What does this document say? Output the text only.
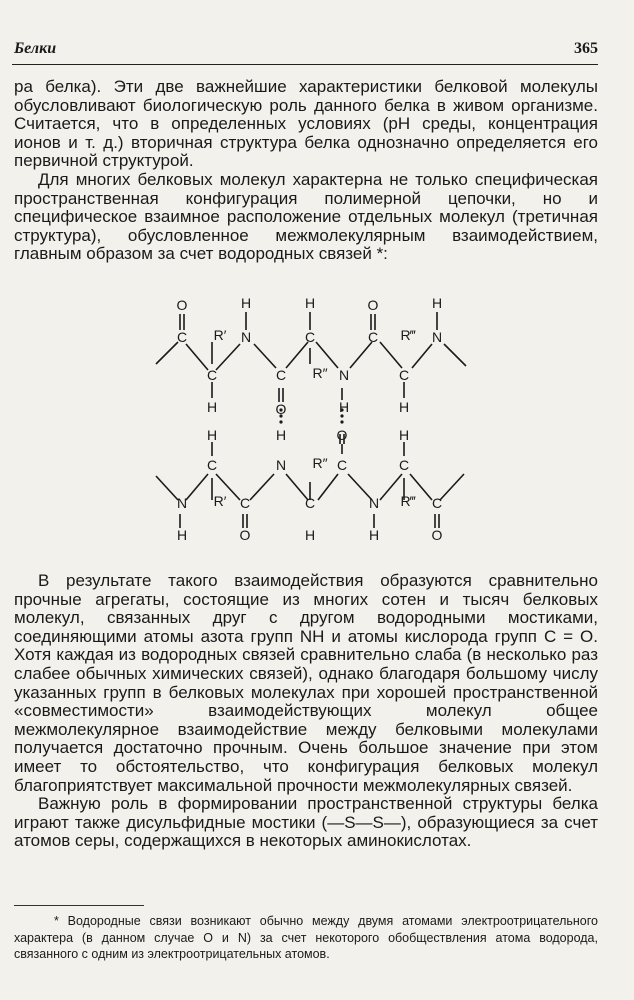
Белки	365

ра белка). Эти две важнейшие характеристики белковой молекулы обусловливают биологическую роль данного белка в живом организме. Считается, что в определенных условиях (рН среды, концентрация ионов и т. д.) вторичная структура белка однозначно определяется его первичной структурой.

Для многих белковых молекул характерна не только специфическая пространственная конфигурация полимерной цепочки, но и специфическое взаимное расположение отдельных молекул (третичная структура), обусловленное межмолекулярным взаимодействием, главным образом за счет водородных связей *:

O	H	H	O	H
C R′ N	C	C R‴ N
C	C R″ N	C
H	O	H	H
H	H	O	H
C	N R″ C	C
N R′ C	C	N R‴ C
H	O	H	H	O

В результате такого взаимодействия образуются сравнительно прочные агрегаты, состоящие из многих сотен и тысяч белковых молекул, связанных друг с другом водородными мостиками, соединяющими атомы азота групп NH и атомы кислорода групп C = O. Хотя каждая из водородных связей сравнительно слаба (в несколько раз слабее обычных химических связей), однако благодаря большому числу указанных групп в белковых молекулах при хорошей пространственной «совместимости» взаимодействующих молекул общее межмолекулярное взаимодействие между белковыми молекулами получается достаточно прочным. Очень большое значение при этом имеет то обстоятельство, что конфигурация белковых молекул благоприятствует максимальной прочности межмолекулярных связей.

Важную роль в формировании пространственной структуры белка играют также дисульфидные мостики (—S—S—), образующиеся за счет атомов серы, содержащихся в некоторых аминокислотах.

* Водородные связи возникают обычно между двумя атомами электроотрицательного характера (в данном случае O и N) за счет некоторого обобществления атома водорода, связанного с одним из электроотрицательных атомов.
